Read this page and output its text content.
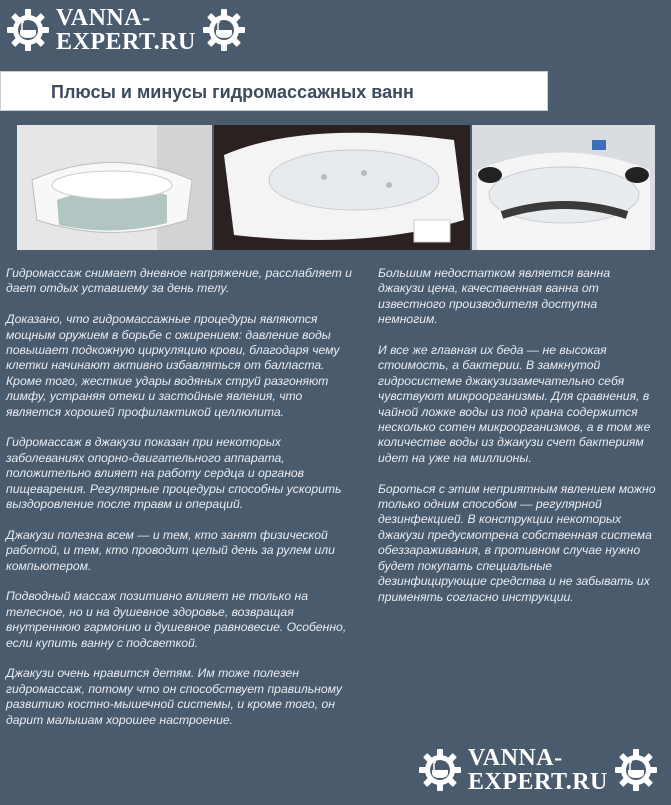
VANNA-
EXPERT.RU
Плюсы и минусы гидромассажных ванн

Гидромассаж снимает дневное напряжение, расслабляет и дает отдых уставшему за день телу.

Доказано, что гидромассажные процедуры являются мощным оружием в борьбе с ожирением: давление воды повышает подкожную циркуляцию крови, благодаря чему клетки начинают активно избавляться от балласта. Кроме того, жесткие удары водяных струй разгоняют лимфу, устраняя отеки и застойные явления, что является хорошей профилактикой целлюлита.

Гидромассаж в джакузи показан при некоторых заболеваниях опорно-двигательного аппарата, положительно влияет на работу сердца и органов пищеварения. Регулярные процедуры способны ускорить выздоровление после травм и операций.

Джакузи полезна всем — и тем, кто занят физической работой, и тем, кто проводит целый день за рулем или компьютером.

Подводный массаж позитивно влияет не только на телесное, но и на душевное здоровье, возвращая внутреннюю гармонию и душевное равновесие. Особенно, если купить ванну с подсветкой.

Джакузи очень нравится детям. Им тоже полезен гидромассаж, потому что он способствует правильному развитию костно-мышечной системы, и кроме того, он дарит малышам хорошее настроение.

Большим недостатком является ванна джакузи цена, качественная ванна от известного производителя доступна немногим.

И все же главная их беда — не высокая стоимость, а бактерии. В замкнутой гидросистеме джакузизамечательно себя чувствуют микроорганизмы. Для сравнения, в чайной ложке воды из под крана содержится несколько сотен микроорганизмов, а в том же количестве воды из джакузи счет бактериям идет на уже на миллионы.

Бороться с этим неприятным явлением можно только одним способом — регулярной дезинфекцией. В конструкции некоторых джакузи предусмотрена собственная система обеззараживания, в противном случае нужно будет покупать специальные дезинфицирующие средства и не забывать их применять согласно инструкции.

VANNA-
EXPERT.RU
